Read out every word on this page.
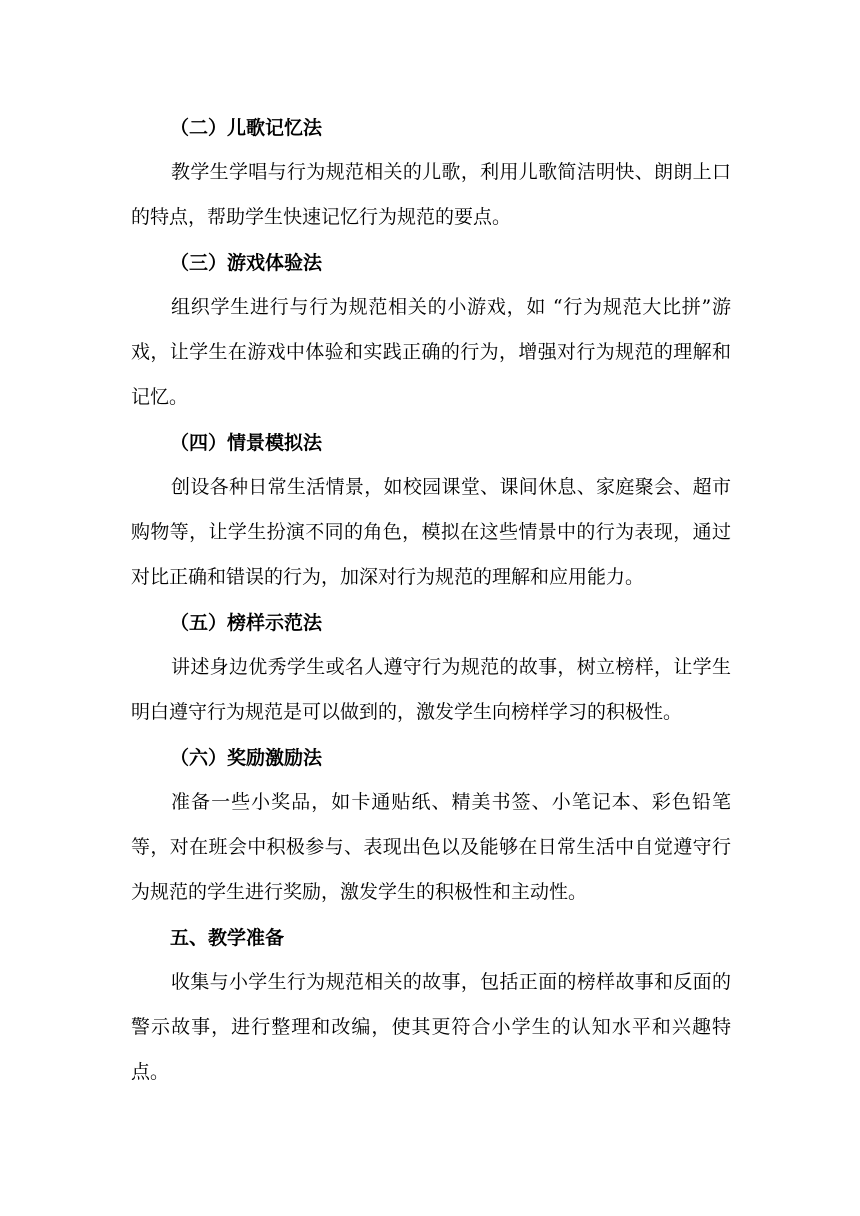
（二）儿歌记忆法
教学生学唱与行为规范相关的儿歌，利用儿歌简洁明快、朗朗上口的特点，帮助学生快速记忆行为规范的要点。
（三）游戏体验法
组织学生进行与行为规范相关的小游戏，如 “行为规范大比拼”游戏，让学生在游戏中体验和实践正确的行为，增强对行为规范的理解和记忆。
（四）情景模拟法
创设各种日常生活情景，如校园课堂、课间休息、家庭聚会、超市购物等，让学生扮演不同的角色，模拟在这些情景中的行为表现，通过对比正确和错误的行为，加深对行为规范的理解和应用能力。
（五）榜样示范法
讲述身边优秀学生或名人遵守行为规范的故事，树立榜样，让学生明白遵守行为规范是可以做到的，激发学生向榜样学习的积极性。
（六）奖励激励法
准备一些小奖品，如卡通贴纸、精美书签、小笔记本、彩色铅笔等，对在班会中积极参与、表现出色以及能够在日常生活中自觉遵守行为规范的学生进行奖励，激发学生的积极性和主动性。
五、教学准备
收集与小学生行为规范相关的故事，包括正面的榜样故事和反面的警示故事，进行整理和改编，使其更符合小学生的认知水平和兴趣特点。
